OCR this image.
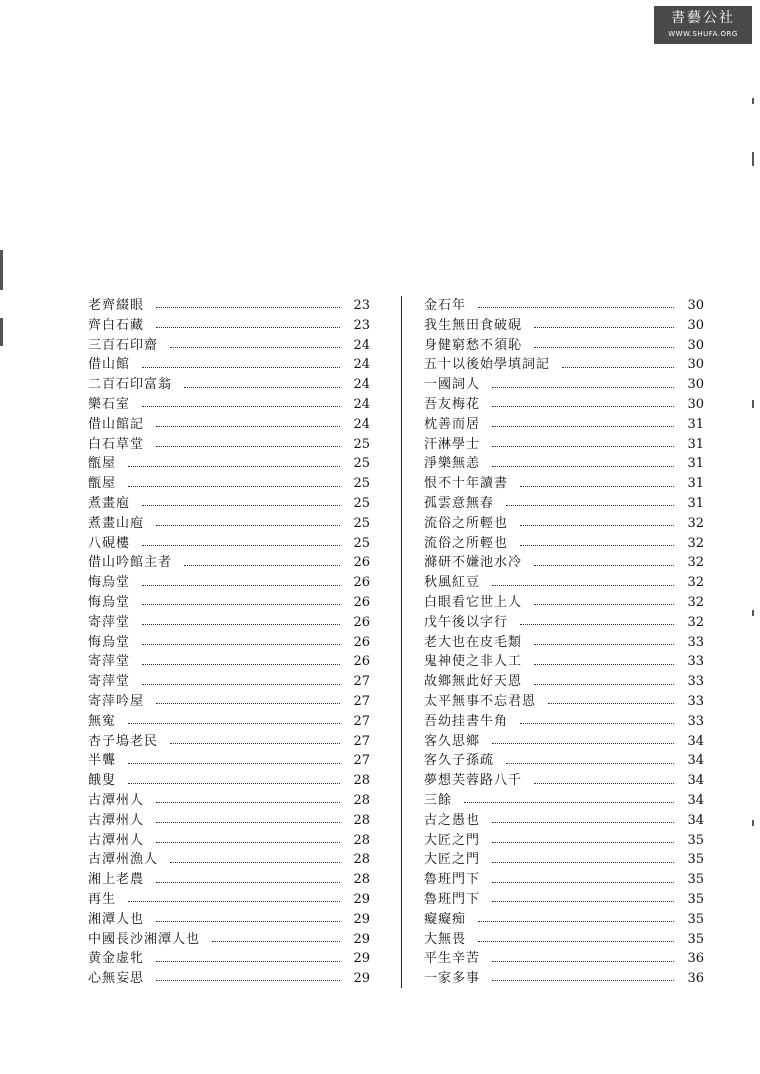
書藝公社
WWW.SHUFA.ORG
老齊綴眼	23
齊白石藏	23
三百石印齋	24
借山館	24
二百石印富翁	24
樂石室	24
借山館記	24
白石草堂	25
甑屋	25
甑屋	25
煮畫庖	25
煮畫山庖	25
八硯樓	25
借山吟館主者	26
悔烏堂	26
悔烏堂	26
寄萍堂	26
悔烏堂	26
寄萍堂	26
寄萍堂	27
寄萍吟屋	27
無寃	27
杏子塢老民	27
半聾	27
餓叟	28
古潭州人	28
古潭州人	28
古潭州人	28
古潭州漁人	28
湘上老農	28
再生	29
湘潭人也	29
中國長沙湘潭人也	29
黄金虚牝	29
心無妄思	29
金石年	30
我生無田食破硯	30
身健窮愁不須恥	30
五十以後始學填詞記	30
一國詞人	30
吾友梅花	30
枕善而居	31
汗淋學士	31
淨樂無恙	31
恨不十年讀書	31
孤雲意無春	31
流俗之所輕也	32
流俗之所輕也	32
滌研不嫌池水冷	32
秋風紅豆	32
白眼看它世上人	32
戊午後以字行	32
老大也在皮毛類	33
鬼神使之非人工	33
故鄉無此好天恩	33
太平無事不忘君恩	33
吾幼挂書牛角	33
客久思鄉	34
客久子孫疏	34
夢想芙蓉路八千	34
三餘	34
古之愚也	34
大匠之門	35
大匠之門	35
魯班門下	35
魯班門下	35
癡癡痴	35
大無畏	35
平生辛苦	36
一家多事	36
